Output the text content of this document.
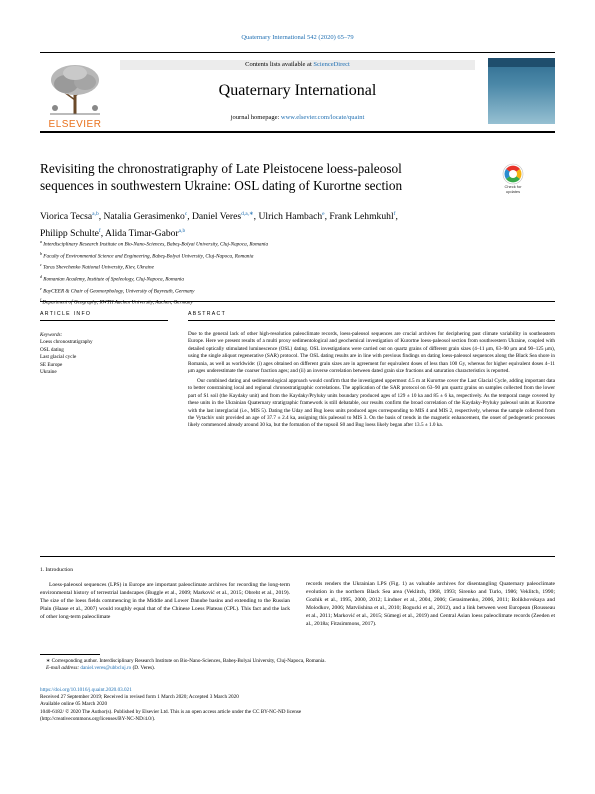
Quaternary International 542 (2020) 65–79
ELSEVIER
Contents lists available at ScienceDirect
Quaternary International
journal homepage: www.elsevier.com/locate/quaint
Revisiting the chronostratigraphy of Late Pleistocene loess-paleosol
sequences in southwestern Ukraine: OSL dating of Kurortne section	Check for updates
Viorica Tecsa$^{a,b}$, Natalia Gerasimenko$^c$, Daniel Veres$^{d,a,∗}$, Ulrich Hambach$^e$, Frank Lehmkuhl$^f$,
Philipp Schulte$^f$, Alida Timar-Gabor$^{a,b}$
$^a$ Interdisciplinary Research Institute on Bio-Nano-Sciences, Babeş-Bolyai University, Cluj-Napoca, Romania
$^b$ Faculty of Environmental Science and Engineering, Babeş-Bolyai University, Cluj-Napoca, Romania
$^c$ Taras Shevchenko National University, Kiev, Ukraine
$^d$ Romanian Academy, Institute of Speleology, Cluj-Napoca, Romania
$^e$ BayCEER & Chair of Geomorphology, University of Bayreuth, Germany
$^f$ Department of Geography, RWTH Aachen University, Aachen, Germany
ARTICLE INFO	ABSTRACT
Keywords:
Loess chronostratigraphy
OSL dating
Last glacial cycle
SE Europe
Ukraine

Due to the general lack of other high-resolution paleoclimate records, loess-paleosol sequences are crucial archives for deciphering past climate variability in southeastern Europe. Here we present results of a multi proxy sedimentological and geochemical investigation of Kurortne loess-paleosol section from southwestern Ukraine, coupled with detailed optically stimulated luminescence (OSL) dating. OSL investigations were carried out on quartz grains of different grain sizes (4–11 μm, 63–90 μm and 90–125 μm), using the single aliquot regenerative (SAR) protocol. The OSL dating results are in line with previous findings on dating loess-paleosol sequences along the Black Sea shore in Romania, as well as worldwide: (i) ages obtained on different grain sizes are in agreement for equivalent doses of less than 100 Gy, whereas for higher equivalent doses 4–11 μm ages underestimate the coarser fraction ages; and (ii) an inverse correlation between dated grain size fractions and saturation characteristics is reported.

Our combined dating and sedimentological approach would confirm that the investigated uppermost 4.5 m at Kurortne cover the Last Glacial Cycle, adding important data to better constraining local and regional chronostratigraphic correlations. The application of the SAR protocol on 63–90 μm quartz grains on samples collected from the lower part of S1 soil (the Kaydaky unit) and from the Kaydaky/Pryluky units boundary produced ages of 129 ± 10 ka and 85 ± 6 ka, respectively. As the temporal range covered by these units in the Ukrainian Quaternary stratigraphic framework is still debatable, our results confirm the broad correlation of the Kaydaky-Pryluky paleosol units at Kurortne with the last interglacial (i.e., MIS 5). Dating the Uday and Bug loess units produced ages corresponding to MIS 4 and MIS 2, respectively, whereas the sample collected from the Vytachiv unit provided an age of 37.7 ± 2.4 ka, assigning this paleosol to MIS 3. On the basis of trends in the magnetic enhancement, the onset of pedogenetic processes likely commenced already around 30 ka, but the formation of the topsoil S0 and Bug loess likely began after 13.5 ± 1.0 ka.

1. Introduction

Loess-paleosol sequences (LPS) in Europe are important paleoclimate archives for recording the long-term environmental history of terrestrial landscapes (Buggle et al., 2009; Marković et al., 2015; Obreht et al., 2019). The size of the loess fields commencing in the Middle and Lower Danube basins and extending to the Russian Plain (Haase et al., 2007) would roughly equal that of the Chinese Loess Plateau (CPL). This fact and the lack of other long-term paleoclimate

records renders the Ukrainian LPS (Fig. 1) as valuable archives for disentangling Quaternary paleoclimate evolution in the northern Black Sea area (Veklitch, 1968, 1993; Sirenko and Turlo, 1986; Veklitch, 1990; Gozhik et al., 1995, 2000, 2012; Lindner et al., 2004, 2006; Gerasimenko, 2006, 2011; Bolikhovskaya and Molodkov, 2006; Matviishina et al., 2010; Bogucki et al., 2012), and a link between west European (Rousseau et al., 2011; Marković et al., 2015; Sümegi et al., 2019) and Central Asian loess paleoclimate records (Zeeden et al., 2018a; Fitzsimmons, 2017).

∗ Corresponding author. Interdisciplinary Research Institute on Bio-Nano-Sciences, Babeş-Bolyai University, Cluj-Napoca, Romania.
E-mail address: daniel.veres@ubbcluj.ro (D. Veres).
https://doi.org/10.1016/j.quaint.2020.03.021
Received 27 September 2019; Received in revised form 1 March 2020; Accepted 3 March 2020
Available online 05 March 2020
1040-6182/ © 2020 The Author(s). Published by Elsevier Ltd. This is an open access article under the CC BY-NC-ND license
(http://creativecommons.org/licenses/BY-NC-ND/4.0/).
